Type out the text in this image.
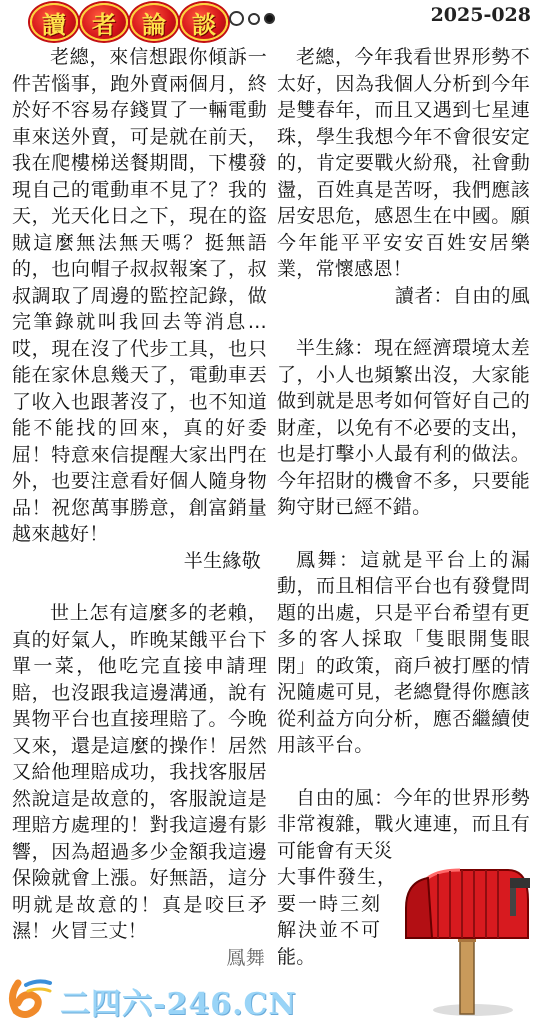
讀	者	論	談	2025-028

老總，來信想跟你傾訴一件苦惱事，跑外賣兩個月，終於好不容易存錢買了一輛電動車來送外賣，可是就在前天，我在爬樓梯送餐期間，下樓發現自己的電動車不見了？我的天，光天化日之下，現在的盜賊這麼無法無天嗎？挺無語的，也向帽子叔叔報案了，叔叔調取了周邊的監控記錄，做完筆錄就叫我回去等消息…哎，現在沒了代步工具，也只能在家休息幾天了，電動車丟了收入也跟著沒了，也不知道能不能找的回來，真的好委屈！特意來信提醒大家出門在外，也要注意看好個人隨身物品！祝您萬事勝意，創富銷量越來越好！

半生緣敬

世上怎有這麼多的老賴，真的好氣人，昨晚某餓平台下單一菜，他吃完直接申請理賠，也沒跟我這邊溝通，說有異物平台也直接理賠了。今晚又來，還是這麼的操作！居然又給他理賠成功，我找客服居然說這是故意的，客服說這是理賠方處理的！對我這邊有影響，因為超過多少金額我這邊保險就會上漲。好無語，這分明就是故意的！真是咬巨矛濕！火冒三丈！

鳳舞

老總，今年我看世界形勢不太好，因為我個人分析到今年是雙春年，而且又遇到七星連珠，學生我想今年不會很安定的，肯定要戰火紛飛，社會動盪，百姓真是苦呀，我們應該居安思危，感恩生在中國。願今年能平平安安百姓安居樂業，常懷感恩！

讀者：自由的風

半生緣：現在經濟環境太差了，小人也頻繁出沒，大家能做到就是思考如何管好自己的財產，以免有不必要的支出，也是打擊小人最有利的做法。今年招財的機會不多，只要能夠守財已經不錯。

鳳舞：這就是平台上的漏動，而且相信平台也有發覺問題的出處，只是平台希望有更多的客人採取「隻眼開隻眼閉」的政策，商戶被打壓的情況隨處可見，老總覺得你應該從利益方向分析，應否繼續使用該平台。

自由的風：今年的世界形勢非常複雜，戰火連連，而且有可能會有天災

大事件發生，

要一時三刻

解決並不可

能。

二四六-246.CN
